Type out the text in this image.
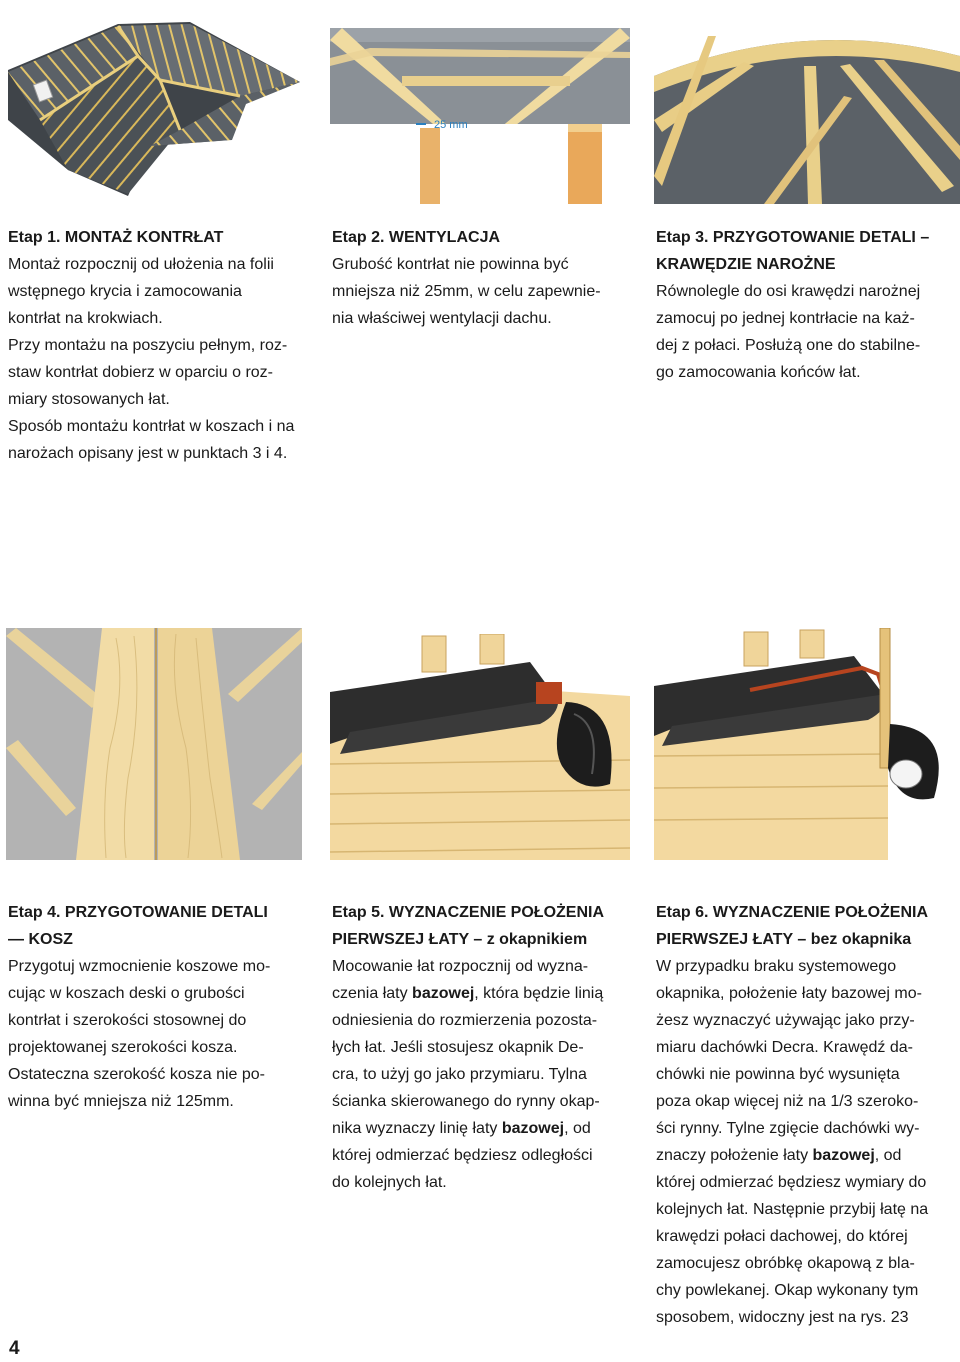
25 mm

Etap 1. MONTAŻ KONTRŁAT

Montaż rozpocznij od ułożenia na folii
wstępnego krycia i zamocowania
kontrłat na krokwiach.
Przy montażu na poszyciu pełnym, roz-
staw kontrłat dobierz w oparciu o roz-
miary stosowanych łat.
Sposób montażu kontrłat w koszach i na
narożach opisany jest w punktach 3 i 4.

Etap 2. WENTYLACJA

Grubość kontrłat nie powinna być
mniejsza niż 25mm, w celu zapewnie-
nia właściwej wentylacji dachu.

Etap 3. PRZYGOTOWANIE DETALI –
KRAWĘDZIE NAROŻNE

Równolegle do osi krawędzi narożnej
zamocuj po jednej kontrłacie na każ-
dej z połaci. Posłużą one do stabilne-
go zamocowania końców łat.

Etap 4. PRZYGOTOWANIE DETALI
— KOSZ

Przygotuj wzmocnienie koszowe mo-
cując w koszach deski o grubości
kontrłat i szerokości stosownej do
projektowanej szerokości kosza.
Ostateczna szerokość kosza nie po-
winna być mniejsza niż 125mm.

Etap 5. WYZNACZENIE POŁOŻENIA
PIERWSZEJ ŁATY – z okapnikiem

Mocowanie łat rozpocznij od wyzna-
czenia łaty bazowej, która będzie linią
odniesienia do rozmierzenia pozosta-
łych łat. Jeśli stosujesz okapnik De-
cra, to użyj go jako przymiaru. Tylna
ścianka skierowanego do rynny okap-
nika wyznaczy linię łaty bazowej, od
której odmierzać będziesz odległości
do kolejnych łat.

Etap 6. WYZNACZENIE POŁOŻENIA
PIERWSZEJ ŁATY – bez okapnika

W przypadku braku systemowego
okapnika, położenie łaty bazowej mo-
żesz wyznaczyć używając jako przy-
miaru dachówki Decra. Krawędź da-
chówki nie powinna być wysunięta
poza okap więcej niż na 1/3 szeroko-
ści rynny. Tylne zgięcie dachówki wy-
znaczy położenie łaty bazowej, od
której odmierzać będziesz wymiary do
kolejnych łat. Następnie przybij łatę na
krawędzi połaci dachowej, do której
zamocujesz obróbkę okapową z bla-
chy powlekanej. Okap wykonany tym
sposobem, widoczny jest na rys. 23

4
